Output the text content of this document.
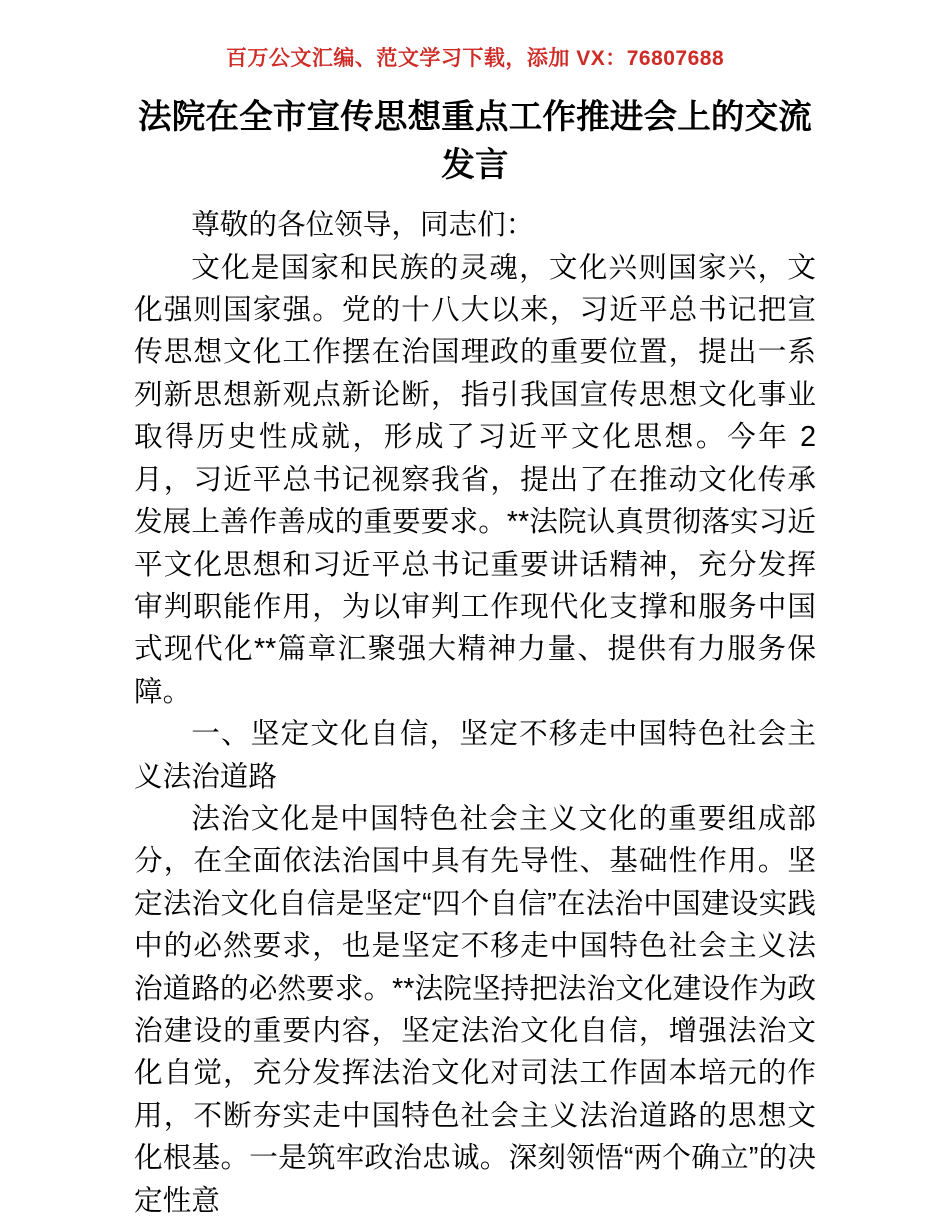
百万公文汇编、范文学习下载，添加 VX：76807688
法院在全市宣传思想重点工作推进会上的交流发言

尊敬的各位领导，同志们：

文化是国家和民族的灵魂，文化兴则国家兴，文化强则国家强。党的十八大以来，习近平总书记把宣传思想文化工作摆在治国理政的重要位置，提出一系列新思想新观点新论断，指引我国宣传思想文化事业取得历史性成就，形成了习近平文化思想。今年 2 月，习近平总书记视察我省，提出了在推动文化传承发展上善作善成的重要要求。**法院认真贯彻落实习近平文化思想和习近平总书记重要讲话精神，充分发挥审判职能作用，为以审判工作现代化支撑和服务中国式现代化**篇章汇聚强大精神力量、提供有力服务保障。

一、坚定文化自信，坚定不移走中国特色社会主义法治道路

法治文化是中国特色社会主义文化的重要组成部分，在全面依法治国中具有先导性、基础性作用。坚定法治文化自信是坚定“四个自信”在法治中国建设实践中的必然要求，也是坚定不移走中国特色社会主义法治道路的必然要求。**法院坚持把法治文化建设作为政治建设的重要内容，坚定法治文化自信，增强法治文化自觉，充分发挥法治文化对司法工作固本培元的作用，不断夯实走中国特色社会主义法治道路的思想文化根基。一是筑牢政治忠诚。深刻领悟“两个确立”的决定性意
